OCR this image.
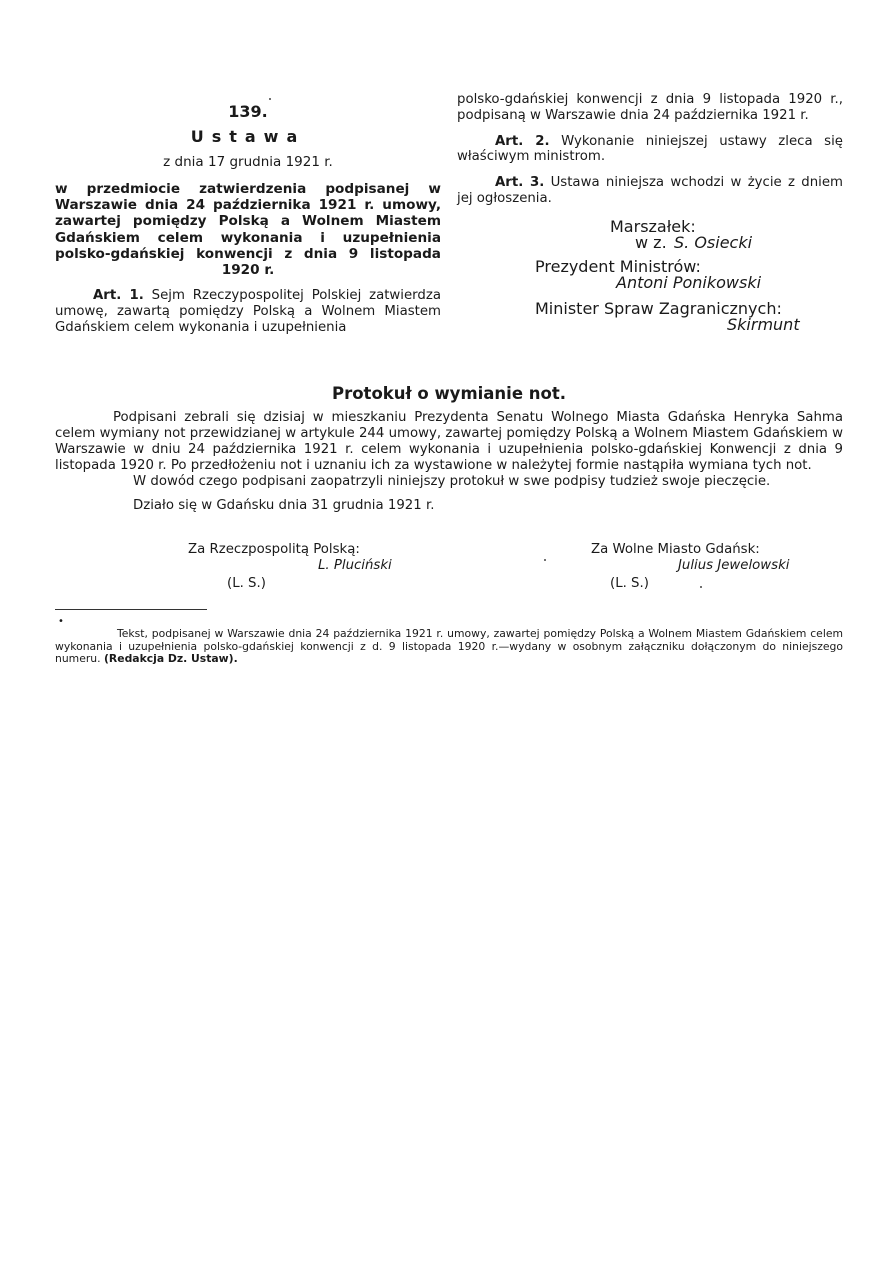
139.
Ustawa
z dnia 17 grudnia 1921 r.
w przedmiocie zatwierdzenia podpisanej w Warszawie dnia 24 października 1921 r. umowy, zawartej pomiędzy Polską a Wolnem Miastem Gdańskiem celem wykonania i uzupełnienia polsko-gdańskiej konwencji z dnia 9 listopada 1920 r.

Art. 1. Sejm Rzeczypospolitej Polskiej zatwierdza umowę, zawartą pomiędzy Polską a Wolnem Miastem Gdańskiem celem wykonania i uzupełnienia

polsko-gdańskiej konwencji z dnia 9 listopada 1920 r., podpisaną w Warszawie dnia 24 października 1921 r.

Art. 2. Wykonanie niniejszej ustawy zleca się właściwym ministrom.

Art. 3. Ustawa niniejsza wchodzi w życie z dniem jej ogłoszenia.

Marszałek:
w z. S. Osiecki
Prezydent Ministrów:
Antoni Ponikowski
Minister Spraw Zagranicznych:
Skirmunt
Protokuł o wymianie not.

Podpisani zebrali się dzisiaj w mieszkaniu Prezydenta Senatu Wolnego Miasta Gdańska Henryka Sahma celem wymiany not przewidzianej w artykule 244 umowy, zawartej pomiędzy Polską a Wolnem Miastem Gdańskiem w Warszawie w dniu 24 października 1921 r. celem wykonania i uzupełnienia polsko-gdańskiej Konwencji z dnia 9 listopada 1920 r. Po przedłożeniu not i uznaniu ich za wystawione w należytej formie nastąpiła wymiana tych not.

W dowód czego podpisani zaopatrzyli niniejszy protokuł w swe podpisy tudzież swoje pieczęcie.

Działo się w Gdańsku dnia 31 grudnia 1921 r.

Za Rzeczpospolitą Polską:
L. Pluciński
(L. S.)
Za Wolne Miasto Gdańsk:
Julius Jewelowski
(L. S.)
•
Tekst, podpisanej w Warszawie dnia 24 października 1921 r. umowy, zawartej pomiędzy Polską a Wolnem Miastem Gdańskiem celem wykonania i uzupełnienia polsko-gdańskiej konwencji z d. 9 listopada 1920 r.—wydany w osobnym załączniku dołączonym do niniejszego numeru. (Redakcja Dz. Ustaw).
